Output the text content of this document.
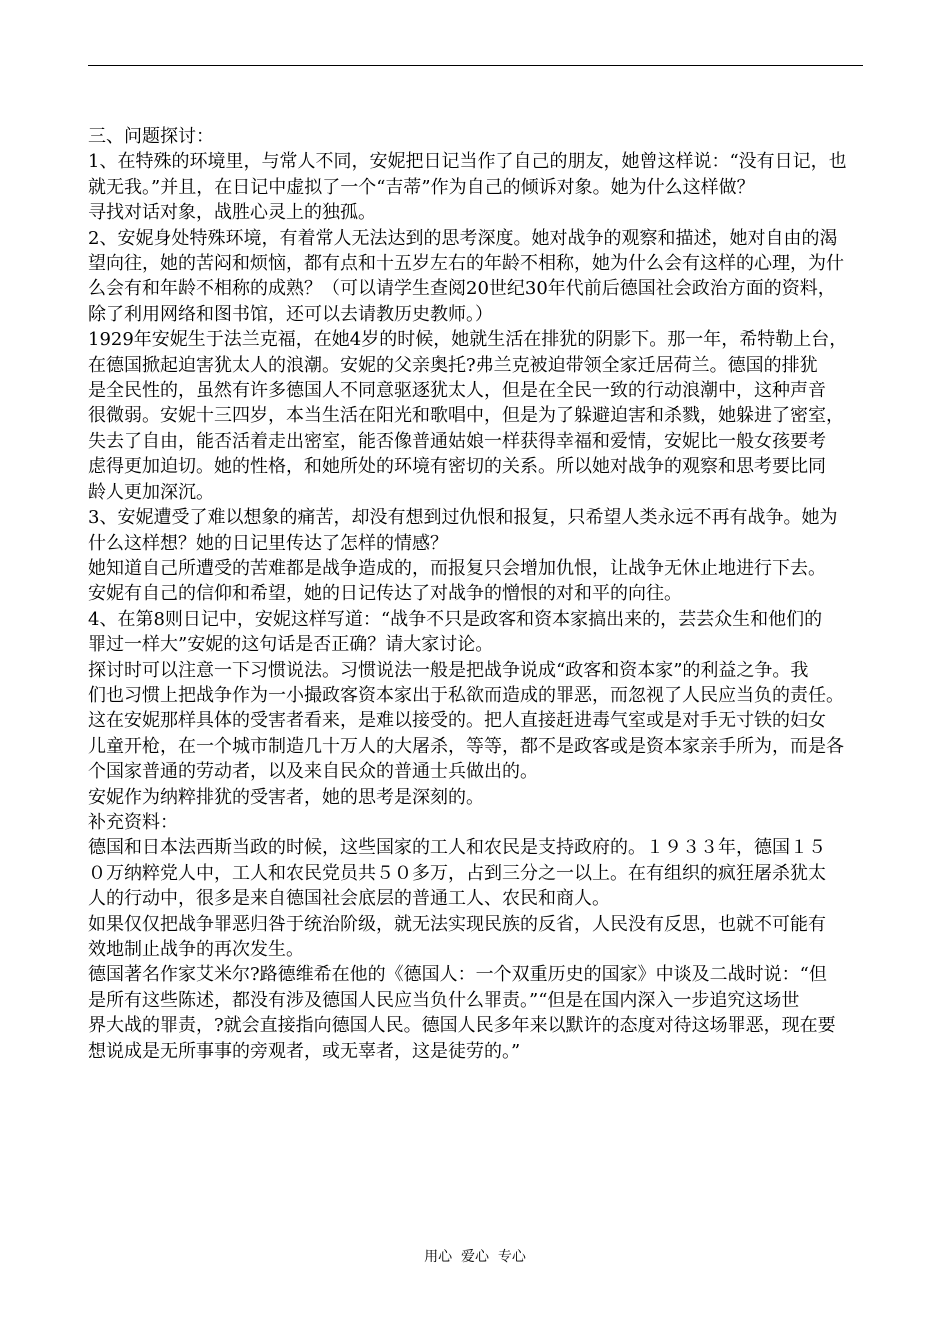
三、问题探讨：
1、在特殊的环境里，与常人不同，安妮把日记当作了自己的朋友，她曾这样说：“没有日记，也
就无我。”并且，在日记中虚拟了一个“吉蒂”作为自己的倾诉对象。她为什么这样做？
寻找对话对象，战胜心灵上的独孤。
2、安妮身处特殊环境，有着常人无法达到的思考深度。她对战争的观察和描述，她对自由的渴
望向往，她的苦闷和烦恼，都有点和十五岁左右的年龄不相称，她为什么会有这样的心理，为什
么会有和年龄不相称的成熟？（可以请学生查阅20世纪30年代前后德国社会政治方面的资料，
除了利用网络和图书馆，还可以去请教历史教师。）
1929年安妮生于法兰克福，在她4岁的时候，她就生活在排犹的阴影下。那一年，希特勒上台，
在德国掀起迫害犹太人的浪潮。安妮的父亲奥托?弗兰克被迫带领全家迁居荷兰。德国的排犹
是全民性的，虽然有许多德国人不同意驱逐犹太人，但是在全民一致的行动浪潮中，这种声音
很微弱。安妮十三四岁，本当生活在阳光和歌唱中，但是为了躲避迫害和杀戮，她躲进了密室，
失去了自由，能否活着走出密室，能否像普通姑娘一样获得幸福和爱情，安妮比一般女孩要考
虑得更加迫切。她的性格，和她所处的环境有密切的关系。所以她对战争的观察和思考要比同
龄人更加深沉。
3、安妮遭受了难以想象的痛苦，却没有想到过仇恨和报复，只希望人类永远不再有战争。她为
什么这样想？她的日记里传达了怎样的情感？
她知道自己所遭受的苦难都是战争造成的，而报复只会增加仇恨，让战争无休止地进行下去。
安妮有自己的信仰和希望，她的日记传达了对战争的憎恨的对和平的向往。
4、在第8则日记中，安妮这样写道：“战争不只是政客和资本家搞出来的，芸芸众生和他们的
罪过一样大”安妮的这句话是否正确？请大家讨论。
探讨时可以注意一下习惯说法。习惯说法一般是把战争说成“政客和资本家”的利益之争。我
们也习惯上把战争作为一小撮政客资本家出于私欲而造成的罪恶，而忽视了人民应当负的责任。
这在安妮那样具体的受害者看来，是难以接受的。把人直接赶进毒气室或是对手无寸铁的妇女
儿童开枪，在一个城市制造几十万人的大屠杀，等等，都不是政客或是资本家亲手所为，而是各
个国家普通的劳动者，以及来自民众的普通士兵做出的。
安妮作为纳粹排犹的受害者，她的思考是深刻的。
补充资料：
德国和日本法西斯当政的时候，这些国家的工人和农民是支持政府的。１９３３年，德国１５
０万纳粹党人中，工人和农民党员共５０多万，占到三分之一以上。在有组织的疯狂屠杀犹太
人的行动中，很多是来自德国社会底层的普通工人、农民和商人。
如果仅仅把战争罪恶归咎于统治阶级，就无法实现民族的反省，人民没有反思，也就不可能有
效地制止战争的再次发生。
德国著名作家艾米尔?路德维希在他的《德国人：一个双重历史的国家》中谈及二战时说：“但
是所有这些陈述，都没有涉及德国人民应当负什么罪责。”“但是在国内深入一步追究这场世
界大战的罪责，?就会直接指向德国人民。德国人民多年来以默许的态度对待这场罪恶，现在要
想说成是无所事事的旁观者，或无辜者，这是徒劳的。”
用心  爱心  专心
